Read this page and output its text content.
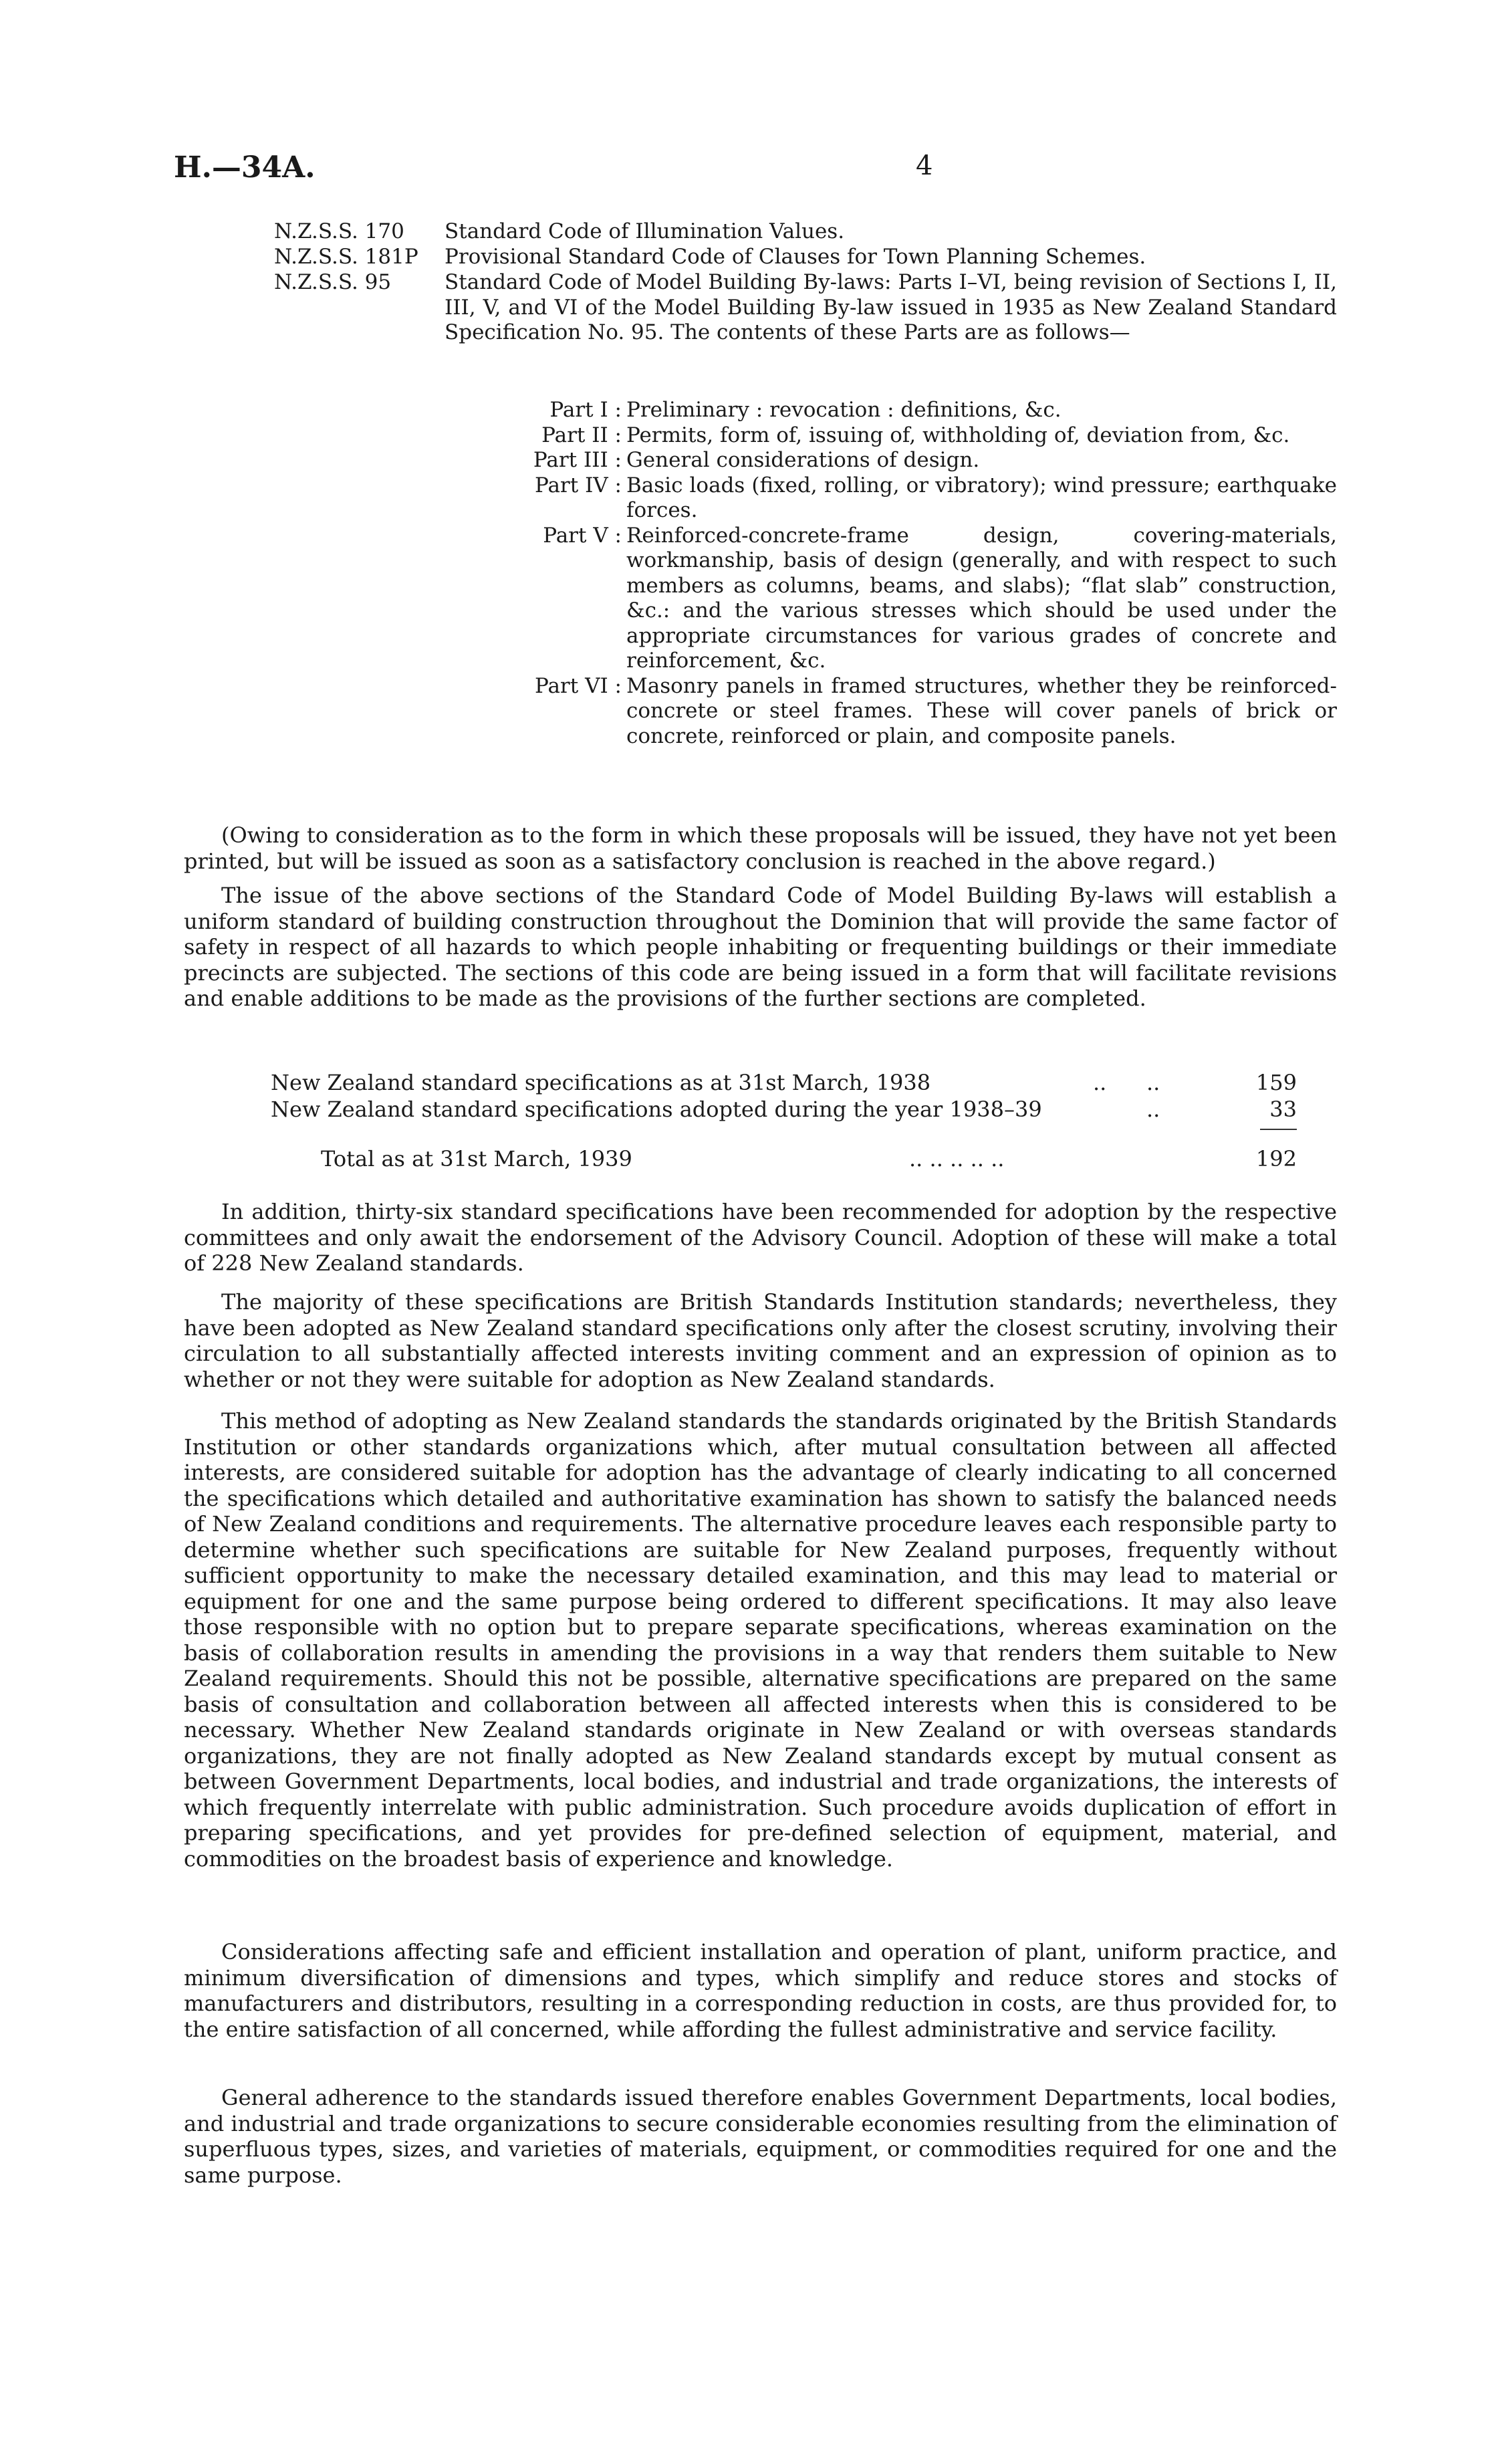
H.—34A.	4
N.Z.S.S. 170	Standard Code of Illumination Values.
N.Z.S.S. 181P	Provisional Standard Code of Clauses for Town Planning Schemes.
N.Z.S.S. 95	Standard Code of Model Building By-laws: Parts I–VI, being revision of Sections I, II, III, V, and VI of the Model Building By-law issued in 1935 as New Zealand Standard Specification No. 95. The contents of these Parts are as follows—
Part I : Preliminary : revocation : definitions, &c.
Part II : Permits, form of, issuing of, withholding of, deviation from, &c.
Part III : General considerations of design.
Part IV : Basic loads (fixed, rolling, or vibratory); wind pressure; earthquake forces.
Part V : Reinforced-concrete-frame design, covering-materials, workmanship, basis of design (generally, and with respect to such members as columns, beams, and slabs); “flat slab” construction, &c.: and the various stresses which should be used under the appropriate circumstances for various grades of concrete and reinforcement, &c.
Part VI : Masonry panels in framed structures, whether they be reinforced-concrete or steel frames. These will cover panels of brick or concrete, reinforced or plain, and composite panels.
(Owing to consideration as to the form in which these proposals will be issued, they have not yet been printed, but will be issued as soon as a satisfactory conclusion is reached in the above regard.)
The issue of the above sections of the Standard Code of Model Building By-laws will establish a uniform standard of building construction throughout the Dominion that will provide the same factor of safety in respect of all hazards to which people inhabiting or frequenting buildings or their immediate precincts are subjected. The sections of this code are being issued in a form that will facilitate revisions and enable additions to be made as the provisions of the further sections are completed.
New Zealand standard specifications as at 31st March, 1938	.. ..	159
New Zealand standard specifications adopted during the year 1938–39	..	33
Total as at 31st March, 1939	.. .. .. .. ..	192
In addition, thirty-six standard specifications have been recommended for adoption by the respective committees and only await the endorsement of the Advisory Council. Adoption of these will make a total of 228 New Zealand standards.
The majority of these specifications are British Standards Institution standards; nevertheless, they have been adopted as New Zealand standard specifications only after the closest scrutiny, involving their circulation to all substantially affected interests inviting comment and an expression of opinion as to whether or not they were suitable for adoption as New Zealand standards.
This method of adopting as New Zealand standards the standards originated by the British Standards Institution or other standards organizations which, after mutual consultation between all affected interests, are considered suitable for adoption has the advantage of clearly indicating to all concerned the specifications which detailed and authoritative examination has shown to satisfy the balanced needs of New Zealand conditions and requirements. The alternative procedure leaves each responsible party to determine whether such specifications are suitable for New Zealand purposes, frequently without sufficient opportunity to make the necessary detailed examination, and this may lead to material or equipment for one and the same purpose being ordered to different specifications. It may also leave those responsible with no option but to prepare separate specifications, whereas examination on the basis of collaboration results in amending the provisions in a way that renders them suitable to New Zealand requirements. Should this not be possible, alternative specifications are prepared on the same basis of consultation and collaboration between all affected interests when this is considered to be necessary. Whether New Zealand standards originate in New Zealand or with overseas standards organizations, they are not finally adopted as New Zealand standards except by mutual consent as between Government Departments, local bodies, and industrial and trade organizations, the interests of which frequently interrelate with public administration. Such procedure avoids duplication of effort in preparing specifications, and yet provides for pre-defined selection of equipment, material, and commodities on the broadest basis of experience and knowledge.
Considerations affecting safe and efficient installation and operation of plant, uniform practice, and minimum diversification of dimensions and types, which simplify and reduce stores and stocks of manufacturers and distributors, resulting in a corresponding reduction in costs, are thus provided for, to the entire satisfaction of all concerned, while affording the fullest administrative and service facility.
General adherence to the standards issued therefore enables Government Departments, local bodies, and industrial and trade organizations to secure considerable economies resulting from the elimination of superfluous types, sizes, and varieties of materials, equipment, or commodities required for one and the same purpose.
